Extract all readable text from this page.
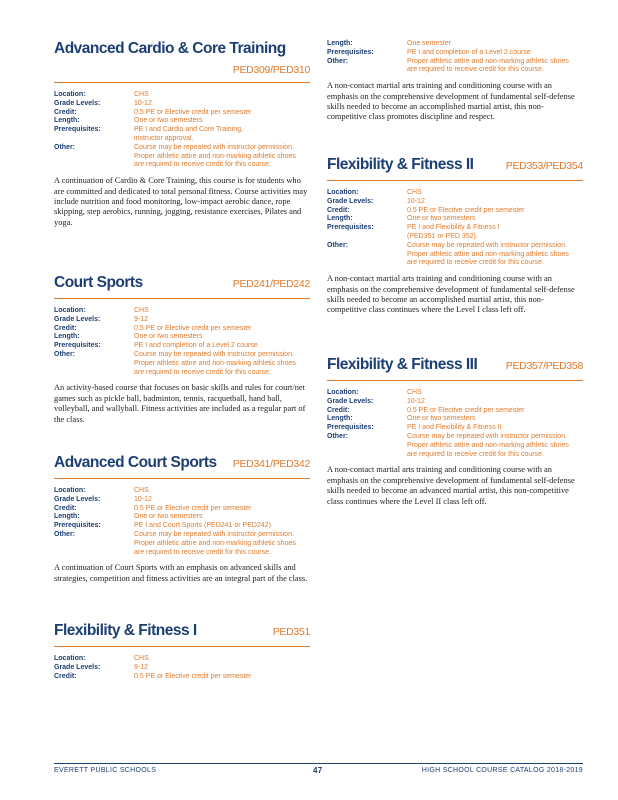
Advanced Cardio & Core Training
PED309/PED310
Location:	CHS
Grade Levels:	10-12
Credit:	0.5 PE or Elective credit per semester
Length:	One or two semesters
Prerequisites:	PE I and Cardio and Core Training,
instructor approval.
Other:	Course may be repeated with instructor permission.
Proper athletic attire and non-marking athletic shoes
are required to receive credit for this course.
A continuation of Cardio & Core Training, this course is for students who are committed and dedicated to total personal fitness. Course activities may include nutrition and food monitoring, low-impact aerobic dance, rope skipping, step aerobics, running, jogging, resistance exercises, Pilates and yoga.
Court Sports	PED241/PED242
Location:	CHS
Grade Levels:	9-12
Credit:	0.5 PE or Elective credit per semester
Length:	One or two semesters
Prerequisites:	PE I and completion of a Level 2 course
Other:	Course may be repeated with instructor permission.
Proper athletic attire and non-marking athletic shoes
are required to receive credit for this course.
An activity-based course that focuses on basic skills and rules for court/net games such as pickle ball, badminton, tennis, racquetball, hand ball, volleyball, and wallyball. Fitness activities are included as a regular part of the class.
Advanced Court Sports PED341/PED342
Location:	CHS
Grade Levels:	10-12
Credit:	0.5 PE or Elective credit per semester
Length:	One or two semesters
Prerequisites:	PE I and Court Sports (PED241 or PED242).
Other:	Course may be repeated with instructor permission.
Proper athletic attire and non-marking athletic shoes
are required to receive credit for this course.
A continuation of Court Sports with an emphasis on advanced skills and strategies, competition and fitness activities are an integral part of the class.
Flexibility & Fitness I	PED351
Location:	CHS
Grade Levels:	9-12
Credit:	0.5 PE or Elective credit per semester
Length:	One semester
Prerequisites:	PE I and completion of a Level 2 course
Other:	Proper athletic attire and non-marking athletic shoes
are required to receive credit for this course.
A non-contact martial arts training and conditioning course with an emphasis on the comprehensive development of fundamental self-defense skills needed to become an accomplished martial artist, this non-competitive class promotes discipline and respect.
Flexibility & Fitness II	PED353/PED354
Location:	CHS
Grade Levels:	10-12
Credit:	0.5 PE or Elective credit per semester
Length:	One or two semesters
Prerequisites:	PE I and Flexibility & Fitness I
(PED351 or PED 352).
Other:	Course may be repeated with instructor permission.
Proper athletic attire and non-marking athletic shoes
are required to receive credit for this course.
A non-contact martial arts training and conditioning course with an emphasis on the comprehensive development of fundamental self-defense skills needed to become an accomplished martial artist, this non-competitive class continues where the Level I class left off.
Flexibility & Fitness III	PED357/PED358
Location:	CHS
Grade Levels:	10-12
Credit:	0.5 PE or Elective credit per semester
Length:	One or two semesters
Prerequisites:	PE I and Flexibility & Fitness II
Other:	Course may be repeated with instructor permission.
Proper athletic attire and non-marking athletic shoes
are required to receive credit for this course.
A non-contact martial arts training and conditioning course with an emphasis on the comprehensive development of fundamental self-defense skills needed to become an advanced martial artist, this non-competitive class continues where the Level II class left off.
EVERETT PUBLIC SCHOOLS	47	HIGH SCHOOL COURSE CATALOG 2018-2019
